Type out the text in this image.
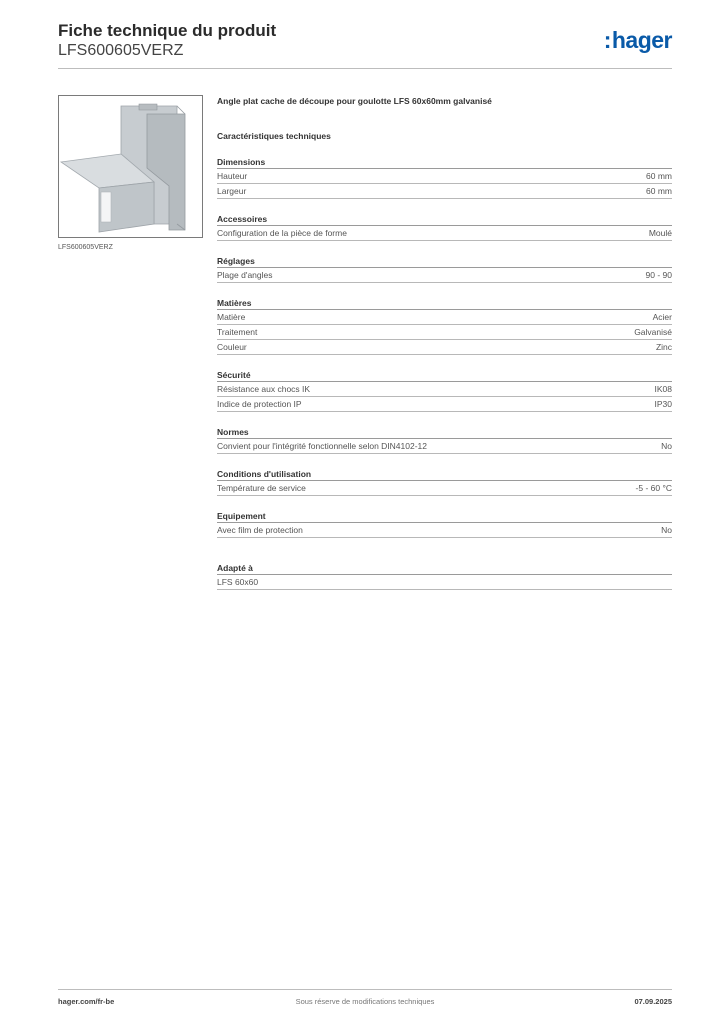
Fiche technique du produit
LFS600605VERZ	:hager
LFS600605VERZ
Angle plat cache de découpe pour goulotte LFS 60x60mm galvanisé
Caractéristiques techniques
Dimensions
Hauteur	60 mm
Largeur	60 mm
Accessoires
Configuration de la pièce de forme	Moulé
Réglages
Plage d'angles	90 - 90
Matières
Matière	Acier
Traitement	Galvanisé
Couleur	Zinc
Sécurité
Résistance aux chocs IK	IK08
Indice de protection IP	IP30
Normes
Convient pour l'intégrité fonctionnelle selon DIN4102-12	No
Conditions d'utilisation
Température de service	-5 - 60 °C
Equipement
Avec film de protection	No
Adapté à
LFS 60x60
hager.com/fr-be	Sous réserve de modifications techniques	07.09.2025
